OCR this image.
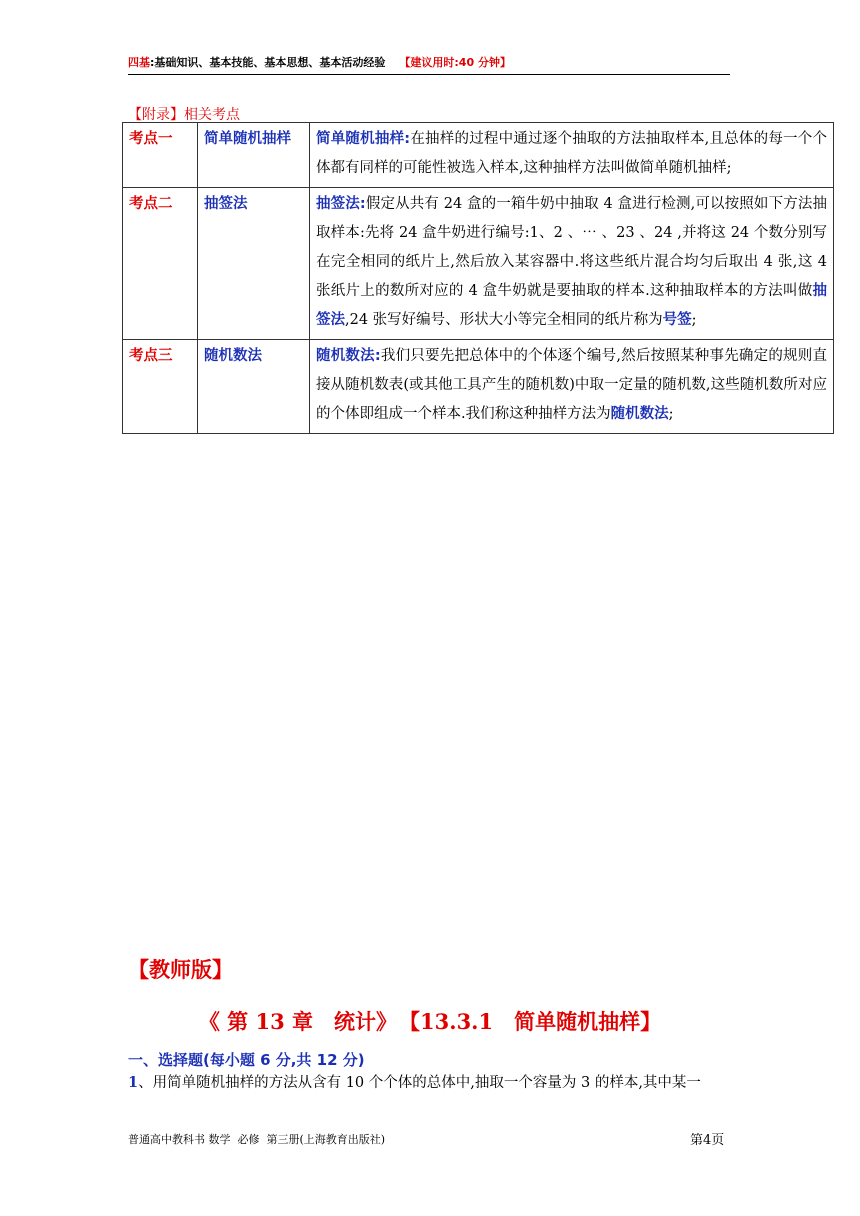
四基:基础知识、基本技能、基本思想、基本活动经验 【建议用时:40 分钟】
【附录】相关考点
考点一	简单随机抽样	简单随机抽样:在抽样的过程中通过逐个抽取的方法抽取样本,且总体的每一个个体都有同样的可能性被选入样本,这种抽样方法叫做简单随机抽样;
考点二	抽签法	抽签法:假定从共有 24 盒的一箱牛奶中抽取 4 盒进行检测,可以按照如下方法抽取样本:先将 24 盒牛奶进行编号:1、2 、⋯ 、23 、24 ,并将这 24 个数分别写在完全相同的纸片上,然后放入某容器中.将这些纸片混合均匀后取出 4 张,这 4 张纸片上的数所对应的 4 盒牛奶就是要抽取的样本.这种抽取样本的方法叫做抽签法,24 张写好编号、形状大小等完全相同的纸片称为号签;
考点三	随机数法	随机数法:我们只要先把总体中的个体逐个编号,然后按照某种事先确定的规则直接从随机数表(或其他工具产生的随机数)中取一定量的随机数,这些随机数所对应的个体即组成一个样本.我们称这种抽样方法为随机数法;
【教师版】
《 第 13 章　统计》【13.3.1　简单随机抽样】
一、选择题(每小题 6 分,共 12 分)
1、用简单随机抽样的方法从含有 10 个个体的总体中,抽取一个容量为 3 的样本,其中某一
普通高中教科书 数学  必修  第三册(上海教育出版社)	第4页
